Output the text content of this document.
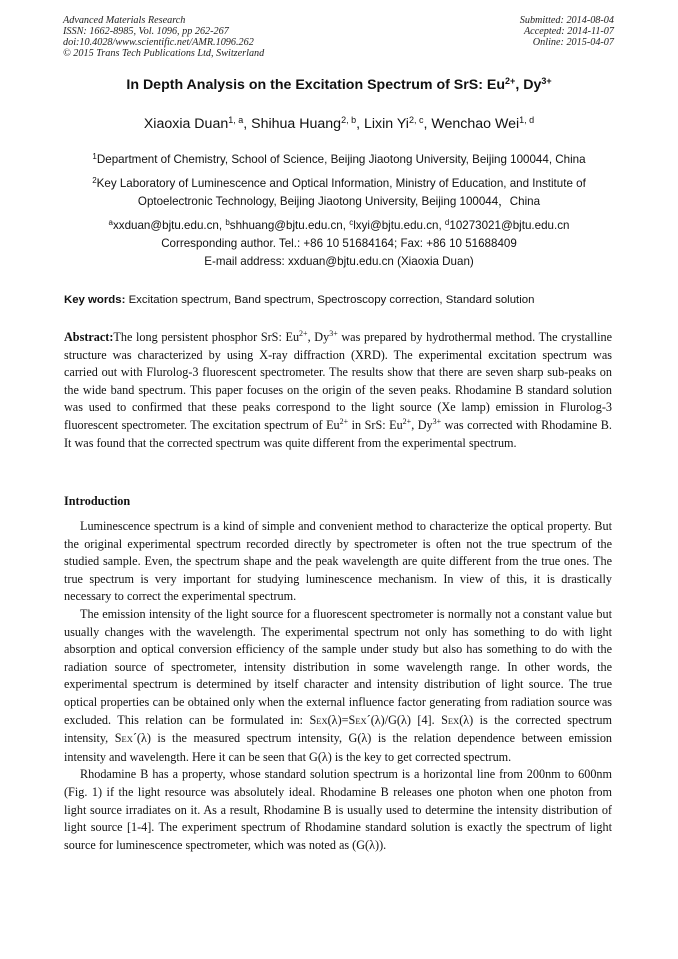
Advanced Materials Research
ISSN: 1662-8985, Vol. 1096, pp 262-267
doi:10.4028/www.scientific.net/AMR.1096.262
© 2015 Trans Tech Publications Ltd, Switzerland
Submitted: 2014-08-04
Accepted: 2014-11-07
Online: 2015-04-07
In Depth Analysis on the Excitation Spectrum of SrS: $Eu^{2+}$, $Dy^{3+}$
Xiaoxia Duan$^{1, a}$, Shihua Huang$^{2, b}$, Lixin Yi$^{2, c}$, Wenchao Wei$^{1, d}$
$^1$Department of Chemistry, School of Science, Beijing Jiaotong University, Beijing 100044, China
$^2$Key Laboratory of Luminescence and Optical Information, Ministry of Education, and Institute of
Optoelectronic Technology, Beijing Jiaotong University, Beijing 100044，China
$^a$xxduan@bjtu.edu.cn, $^b$shhuang@bjtu.edu.cn, $^c$lxyi@bjtu.edu.cn, $^d$10273021@bjtu.edu.cn
Corresponding author. Tel.: +86 10 51684164; Fax: +86 10 51688409
E-mail address: xxduan@bjtu.edu.cn (Xiaoxia Duan)
Key words: Excitation spectrum, Band spectrum, Spectroscopy correction, Standard solution

Abstract:The long persistent phosphor SrS: $Eu^{2+}$, $Dy^{3+}$ was prepared by hydrothermal method. The crystalline structure was characterized by using X-ray diffraction (XRD). The experimental excitation spectrum was carried out with Flurolog-3 fluorescent spectrometer. The results show that there are seven sharp sub-peaks on the wide band spectrum. This paper focuses on the origin of the seven peaks. Rhodamine B standard solution was used to confirmed that these peaks correspond to the light source (Xe lamp) emission in Flurolog-3 fluorescent spectrometer. The excitation spectrum of $Eu^{2+}$ in SrS: $Eu^{2+}$, $Dy^{3+}$ was corrected with Rhodamine B. It was found that the corrected spectrum was quite different from the experimental spectrum.

Introduction

Luminescence spectrum is a kind of simple and convenient method to characterize the optical property. But the original experimental spectrum recorded directly by spectrometer is often not the true spectrum of the studied sample. Even, the spectrum shape and the peak wavelength are quite different from the true ones. The true spectrum is very important for studying luminescence mechanism. In view of this, it is drastically necessary to correct the experimental spectrum.

The emission intensity of the light source for a fluorescent spectrometer is normally not a constant value but usually changes with the wavelength. The experimental spectrum not only has something to do with light absorption and optical conversion efficiency of the sample under study but also has something to do with the radiation source of spectrometer, intensity distribution in some wavelength range. In other words, the experimental spectrum is determined by itself character and intensity distribution of light source. The true optical properties can be obtained only when the external influence factor generating from radiation source was excluded. This relation can be formulated in: SEX(λ)=SEX´(λ)/G(λ) [4]. SEX(λ) is the corrected spectrum intensity, SEX´(λ) is the measured spectrum intensity, G(λ) is the relation dependence between emission intensity and wavelength. Here it can be seen that G(λ) is the key to get corrected spectrum.

Rhodamine B has a property, whose standard solution spectrum is a horizontal line from 200nm to 600nm (Fig. 1) if the light resource was absolutely ideal. Rhodamine B releases one photon when one photon from light source irradiates on it. As a result, Rhodamine B is usually used to determine the intensity distribution of light source [1-4]. The experiment spectrum of Rhodamine standard solution is exactly the spectrum of light source for luminescence spectrometer, which was noted as (G(λ)).
